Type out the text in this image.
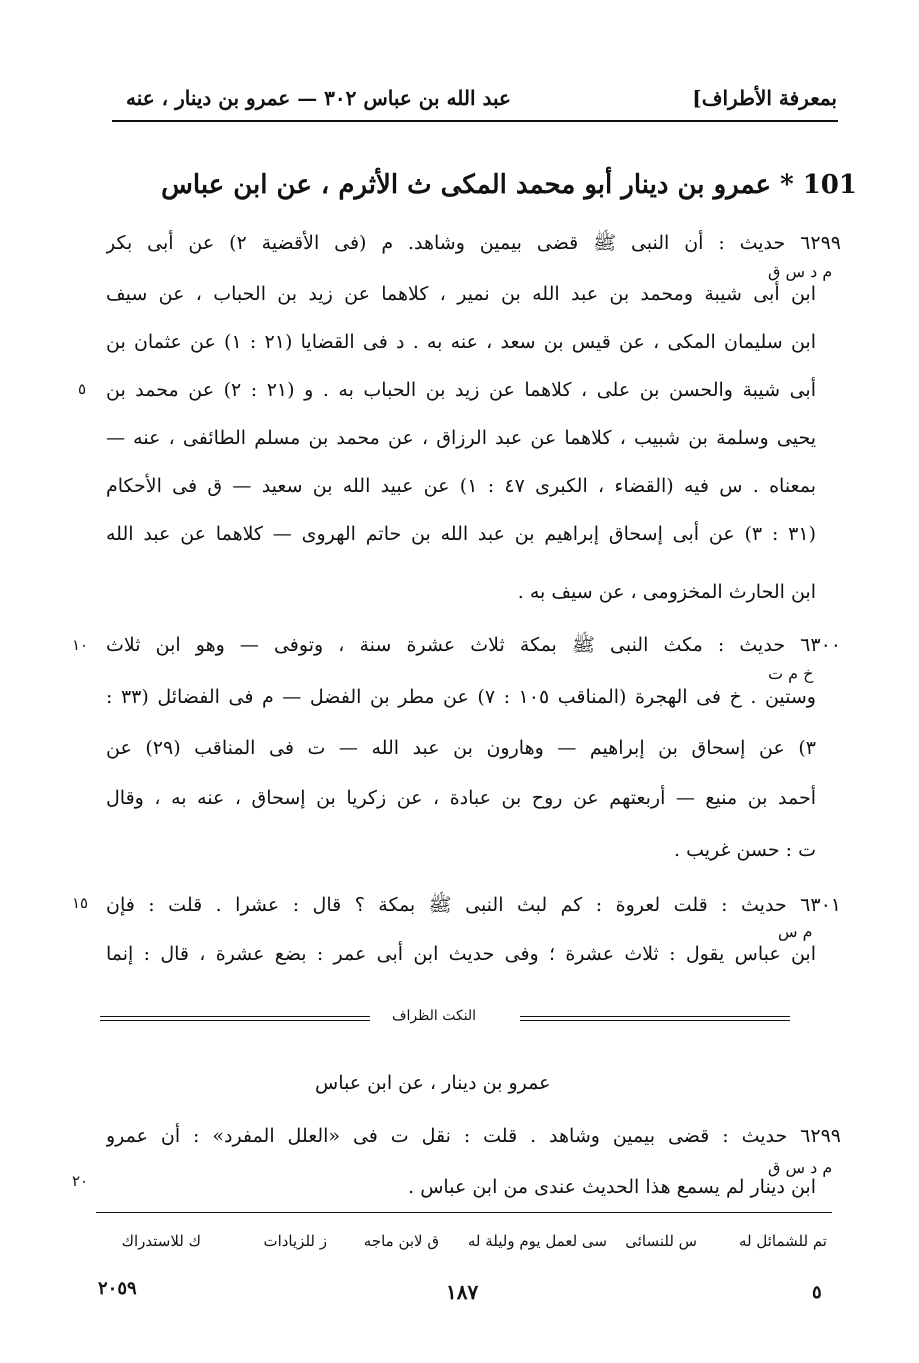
بمعرفة الأطراف]
عبد الله بن عباس ٣٠٢ — عمرو بن دينار ، عنه
101 * عمرو بن دينار أبو محمد المكى ث الأثرم ، عن ابن عباس
٦٢٩٩ حديث : أن النبى ﷺ قضى بيمين وشاهد. م (فى الأقضية ٢) عن أبى بكر
م د س ق
ابن أبى شيبة ومحمد بن عبد الله بن نمير ، كلاهما عن زيد بن الحباب ، عن سيف
ابن سليمان المكى ، عن قيس بن سعد ، عنه به . د فى القضايا (٢١ : ١) عن عثمان بن
أبى شيبة والحسن بن على ، كلاهما عن زيد بن الحباب به . و (٢١ : ٢) عن محمد بن
يحيى وسلمة بن شبيب ، كلاهما عن عبد الرزاق ، عن محمد بن مسلم الطائفى ، عنه —
بمعناه . س فيه (القضاء ، الكبرى ٤٧ : ١) عن عبيد الله بن سعيد — ق فى الأحكام
(٣١ : ٣) عن أبى إسحاق إبراهيم بن عبد الله بن حاتم الهروى — كلاهما عن عبد الله
ابن الحارث المخزومى ، عن سيف به .
٦٣٠٠ حديث : مكث النبى ﷺ بمكة ثلاث عشرة سنة ، وتوفى — وهو ابن ثلاث
خ م ت
وستين . خ فى الهجرة (المناقب ١٠٥ : ٧) عن مطر بن الفضل — م فى الفضائل (٣٣ :
٣) عن إسحاق بن إبراهيم — وهارون بن عبد الله — ت فى المناقب (٢٩) عن
أحمد بن منيع — أربعتهم عن روح بن عبادة ، عن زكريا بن إسحاق ، عنه به ، وقال
ت : حسن غريب .
٦٣٠١ حديث : قلت لعروة : كم لبث النبى ﷺ بمكة ؟ قال : عشرا . قلت : فإن
م س
ابن عباس يقول : ثلاث عشرة ؛ وفى حديث ابن أبى عمر : بضع عشرة ، قال : إنما
النكت الظراف
عمرو بن دينار ، عن ابن عباس
٦٢٩٩ حديث : قضى بيمين وشاهد . قلت : نقل ت فى «العلل المفرد» : أن عمرو
م د س ق
ابن دينار لم يسمع هذا الحديث عندى من ابن عباس .
٥
١٠
١٥
٢٠
تم للشمائل له
س للنسائى
سى لعمل يوم وليلة له
ق لابن ماجه
ز للزيادات
ك للاستدراك
٥
١٨٧
٢٠٥٩
